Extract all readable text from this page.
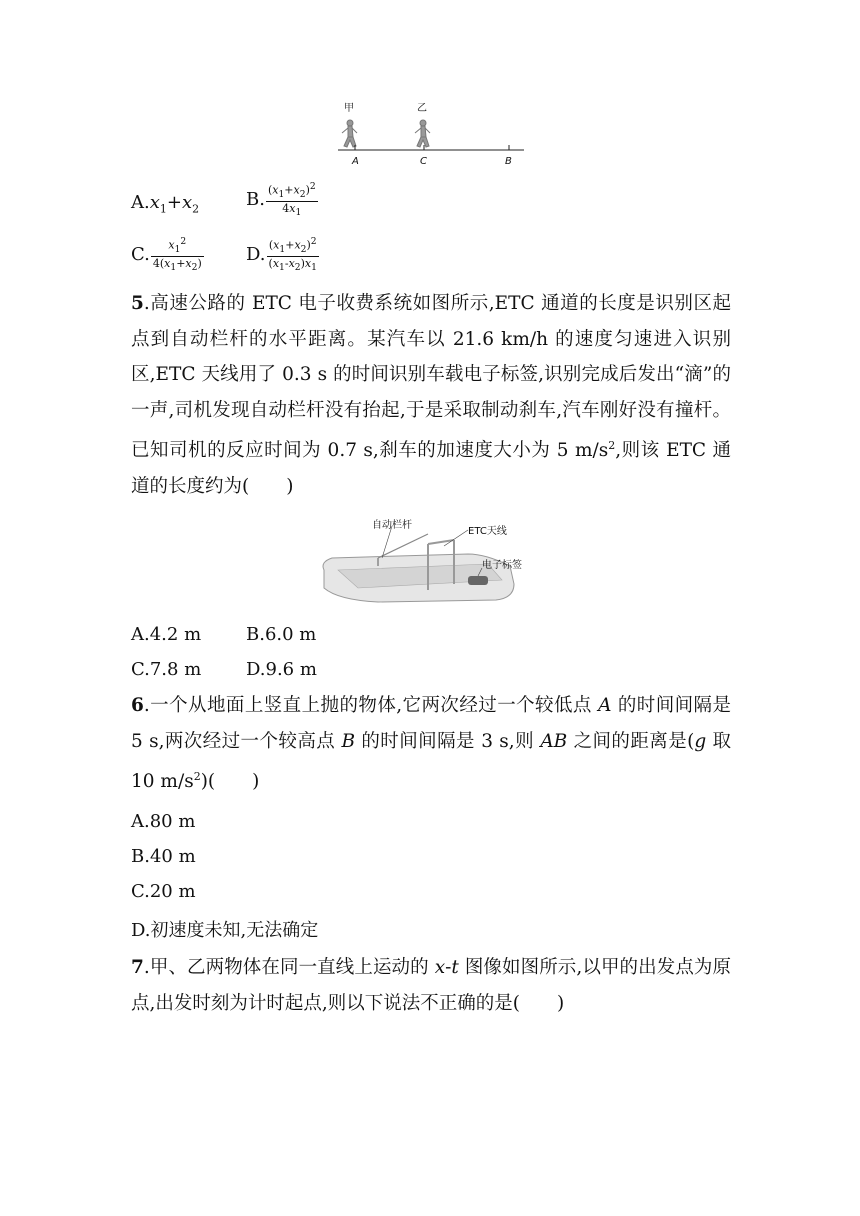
甲	乙
A	C	B
$A.x_1+x_2$	B. $\frac{(x_1+x_2)^2}{4x_1}$
C. $\frac{x_1^2}{4(x_1+x_2)} D$. $\frac{(x_1+x_2)^2}{(x_1-x_2)x_1}$
5.高速公路的 ETC 电子收费系统如图所示,ETC 通道的长度是识别区起点到自动栏杆的水平距离。某汽车以 21.6 km/h 的速度匀速进入识别区,ETC 天线用了 0.3 s 的时间识别车载电子标签,识别完成后发出“滴”的一声,司机发现自动栏杆没有抬起,于是采取制动刹车,汽车刚好没有撞杆。已知司机的反应时间为 0.7 s,刹车的加速度大小为 5 $m/s^2$,则该 ETC 通道的长度约为(　　)
自动栏杆
ETC天线
电子标签
A.4.2 m B.6.0 m
C.7.8 m D.9.6 m
6.一个从地面上竖直上抛的物体,它两次经过一个较低点 A 的时间间隔是 5 s,两次经过一个较高点 B 的时间间隔是 3 s,则 AB 之间的距离是(g 取 10 $m/s^2$)(　　)
A.80 m
B.40 m
C.20 m
D.初速度未知,无法确定
7.甲、乙两物体在同一直线上运动的 x-t 图像如图所示,以甲的出发点为原点,出发时刻为计时起点,则以下说法不正确的是(　　)
